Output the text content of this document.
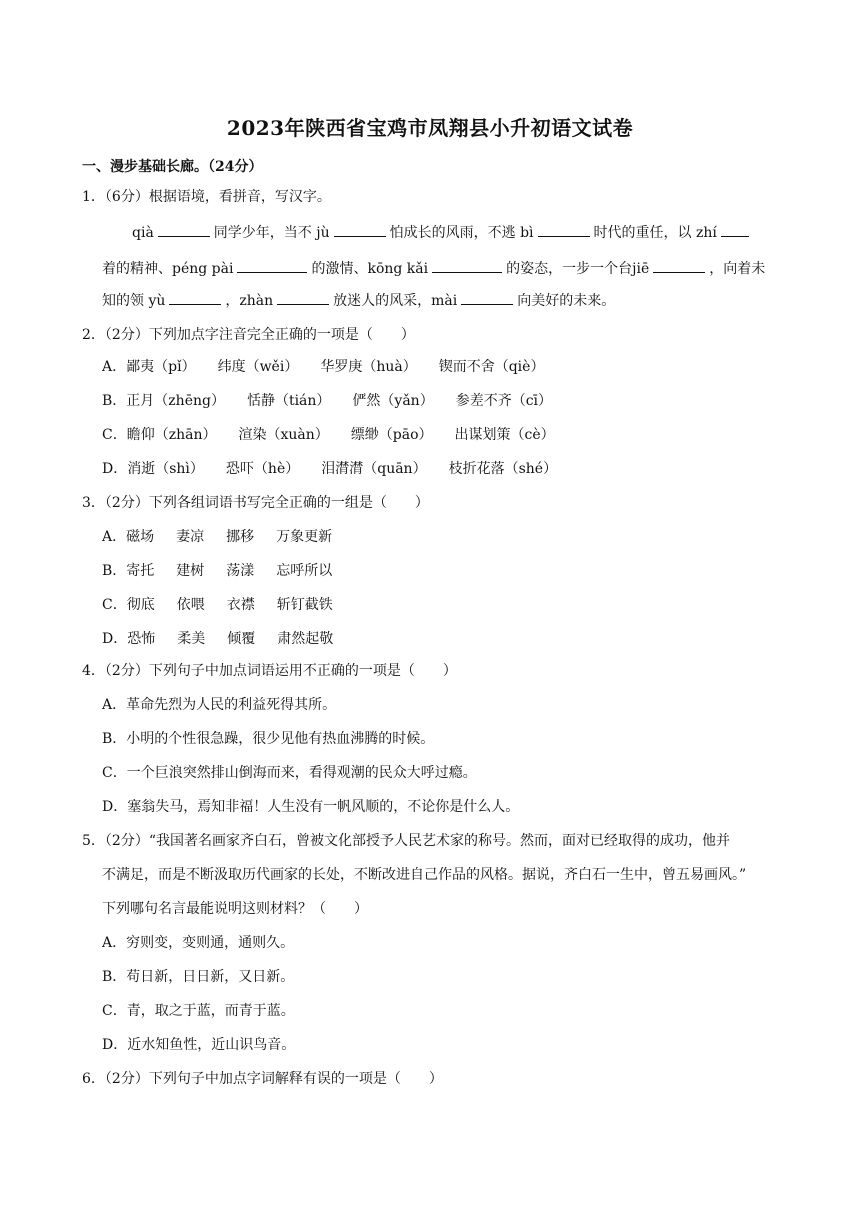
2023年陕西省宝鸡市凤翔县小升初语文试卷
一、漫步基础长廊。（24分）
1．（6分）根据语境，看拼音，写汉字。
qià	同学少年，当不 jù	怕成长的风雨，不逃 bì	时代的重任，以 zhí
着的精神、péng pài	的激情、kōng kǎi	的姿态，一步一个台jiē	，向着未
知的领 yù	，zhàn	放迷人的风采，mài	向美好的未来。
2．（2分）下列加点字注音完全正确的一项是（　　）
A．鄙夷（pǐ） 纬度（wěi） 华罗庚（huà） 锲而不舍（qiè）
B．正月（zhēng） 恬静（tián） 俨然（yǎn） 参差不齐（cī）
C．瞻仰（zhān） 渲染（xuàn） 缥缈（pāo） 出谋划策（cè）
D．消逝（shì） 恐吓（hè） 泪潸潸（quān） 枝折花落（shé）
3．（2分）下列各组词语书写完全正确的一组是（　　）
A．磁场 妻凉 挪移 万象更新
B．寄托 建树 荡漾 忘呼所以
C．彻底 依喂 衣襟 斩钉截铁
D．恐怖 柔美 倾覆 肃然起敬
4．（2分）下列句子中加点词语运用不正确的一项是（　　）
A．革命先烈为人民的利益死得其所。
B．小明的个性很急躁，很少见他有热血沸腾的时候。
C．一个巨浪突然排山倒海而来，看得观潮的民众大呼过瘾。
D．塞翁失马，焉知非福！人生没有一帆风顺的，不论你是什么人。
5．（2分）“我国著名画家齐白石，曾被文化部授予人民艺术家的称号。然而，面对已经取得的成功，他并
不满足，而是不断汲取历代画家的长处，不断改进自己作品的风格。据说，齐白石一生中，曾五易画风。”
下列哪句名言最能说明这则材料？（　　）
A．穷则变，变则通，通则久。
B．苟日新，日日新，又日新。
C．青，取之于蓝，而青于蓝。
D．近水知鱼性，近山识鸟音。
6．（2分）下列句子中加点字词解释有误的一项是（　　）
